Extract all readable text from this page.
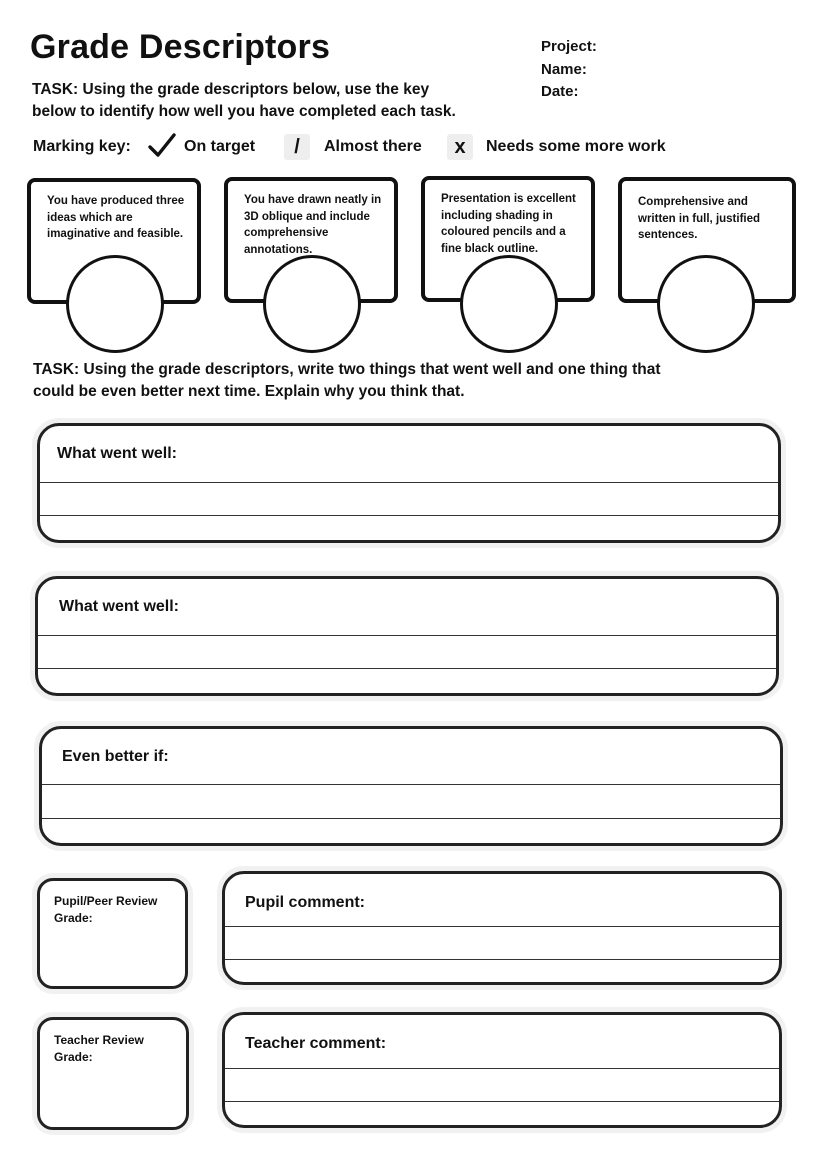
Grade Descriptors
TASK: Using the grade descriptors below, use the key
below to identify how well you have completed each task.
Project:
Name:
Date:
Marking key:	On target	/	Almost there	x	Needs some more work
You have produced three ideas which are imaginative and feasible.
You have drawn neatly in 3D oblique and include comprehensive annotations.
Presentation is excellent including shading in coloured pencils and a fine black outline.
Comprehensive and written in full, justified sentences.
TASK: Using the grade descriptors, write two things that went well and one thing that
could be even better next time. Explain why you think that.
What went well:
What went well:
Even better if:
Pupil/Peer Review Grade:
Pupil comment:
Teacher Review Grade:
Teacher comment:
